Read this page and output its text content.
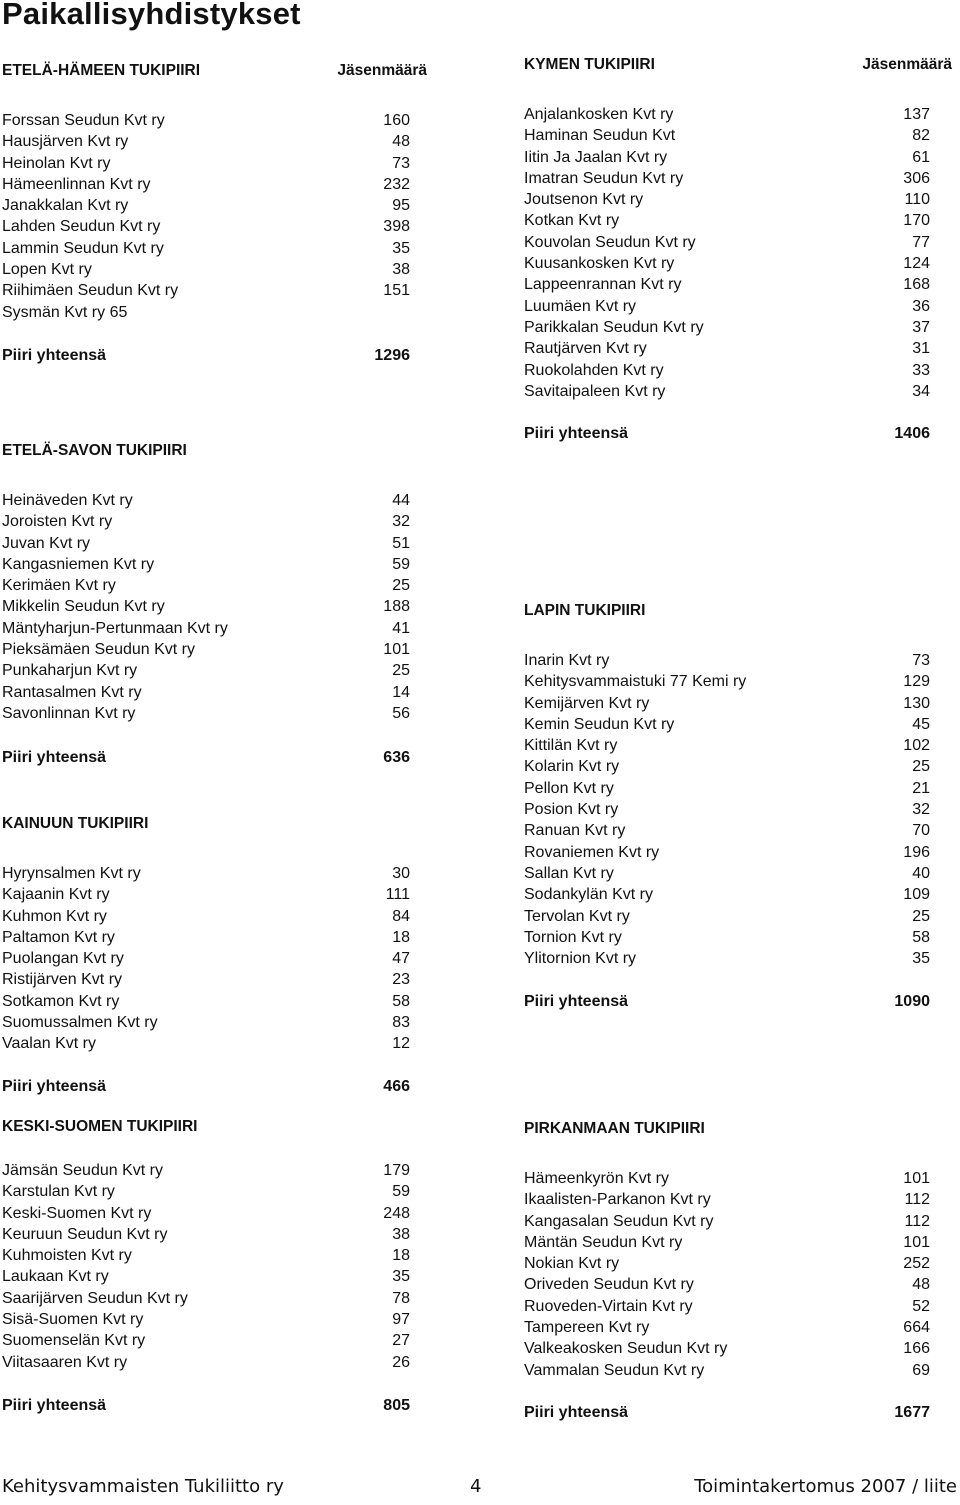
Paikallisyhdistykset
ETELÄ-HÄMEEN TUKIPIIRI	Jäsenmäärä
Forssan Seudun Kvt ry	160
Hausjärven Kvt ry	48
Heinolan Kvt ry	73
Hämeenlinnan Kvt ry	232
Janakkalan Kvt ry	95
Lahden Seudun Kvt ry	398
Lammin Seudun Kvt ry	35
Lopen Kvt ry	38
Riihimäen Seudun Kvt ry	151
Sysmän Kvt ry 65
Piiri yhteensä	1296
ETELÄ-SAVON TUKIPIIRI
Heinäveden Kvt ry	44
Joroisten Kvt ry	32
Juvan Kvt ry	51
Kangasniemen Kvt ry	59
Kerimäen Kvt ry	25
Mikkelin Seudun Kvt ry	188
Mäntyharjun-Pertunmaan Kvt ry	41
Pieksämäen Seudun Kvt ry	101
Punkaharjun Kvt ry	25
Rantasalmen Kvt ry	14
Savonlinnan Kvt ry	56
Piiri yhteensä	636
KAINUUN TUKIPIIRI
Hyrynsalmen Kvt ry	30
Kajaanin Kvt ry	111
Kuhmon Kvt ry	84
Paltamon Kvt ry	18
Puolangan Kvt ry	47
Ristijärven Kvt ry	23
Sotkamon Kvt ry	58
Suomussalmen Kvt ry	83
Vaalan Kvt ry	12
Piiri yhteensä	466
KESKI-SUOMEN TUKIPIIRI
Jämsän Seudun Kvt ry	179
Karstulan Kvt ry	59
Keski-Suomen Kvt ry	248
Keuruun Seudun Kvt ry	38
Kuhmoisten Kvt ry	18
Laukaan Kvt ry	35
Saarijärven Seudun Kvt ry	78
Sisä-Suomen Kvt ry	97
Suomenselän Kvt ry	27
Viitasaaren Kvt ry	26
Piiri yhteensä	805
KYMEN TUKIPIIRI	Jäsenmäärä
Anjalankosken Kvt ry	137
Haminan Seudun Kvt	82
Iitin Ja Jaalan Kvt ry	61
Imatran Seudun Kvt ry	306
Joutsenon Kvt ry	110
Kotkan Kvt ry	170
Kouvolan Seudun Kvt ry	77
Kuusankosken Kvt ry	124
Lappeenrannan Kvt ry	168
Luumäen Kvt ry	36
Parikkalan Seudun Kvt ry	37
Rautjärven Kvt ry	31
Ruokolahden Kvt ry	33
Savitaipaleen Kvt ry	34
Piiri yhteensä	1406
LAPIN TUKIPIIRI
Inarin Kvt ry	73
Kehitysvammaistuki 77 Kemi ry	129
Kemijärven Kvt ry	130
Kemin Seudun Kvt ry	45
Kittilän Kvt ry	102
Kolarin Kvt ry	25
Pellon Kvt ry	21
Posion Kvt ry	32
Ranuan Kvt ry	70
Rovaniemen Kvt ry	196
Sallan Kvt ry	40
Sodankylän Kvt ry	109
Tervolan Kvt ry	25
Tornion Kvt ry	58
Ylitornion Kvt ry	35
Piiri yhteensä	1090
PIRKANMAAN TUKIPIIRI
Hämeenkyrön Kvt ry	101
Ikaalisten-Parkanon Kvt ry	112
Kangasalan Seudun Kvt ry	112
Mäntän Seudun Kvt ry	101
Nokian Kvt ry	252
Oriveden Seudun Kvt ry	48
Ruoveden-Virtain Kvt ry	52
Tampereen Kvt ry	664
Valkeakosken Seudun Kvt ry	166
Vammalan Seudun Kvt ry	69
Piiri yhteensä	1677
Kehitysvammaisten Tukiliitto ry	4	Toimintakertomus 2007 / liite
